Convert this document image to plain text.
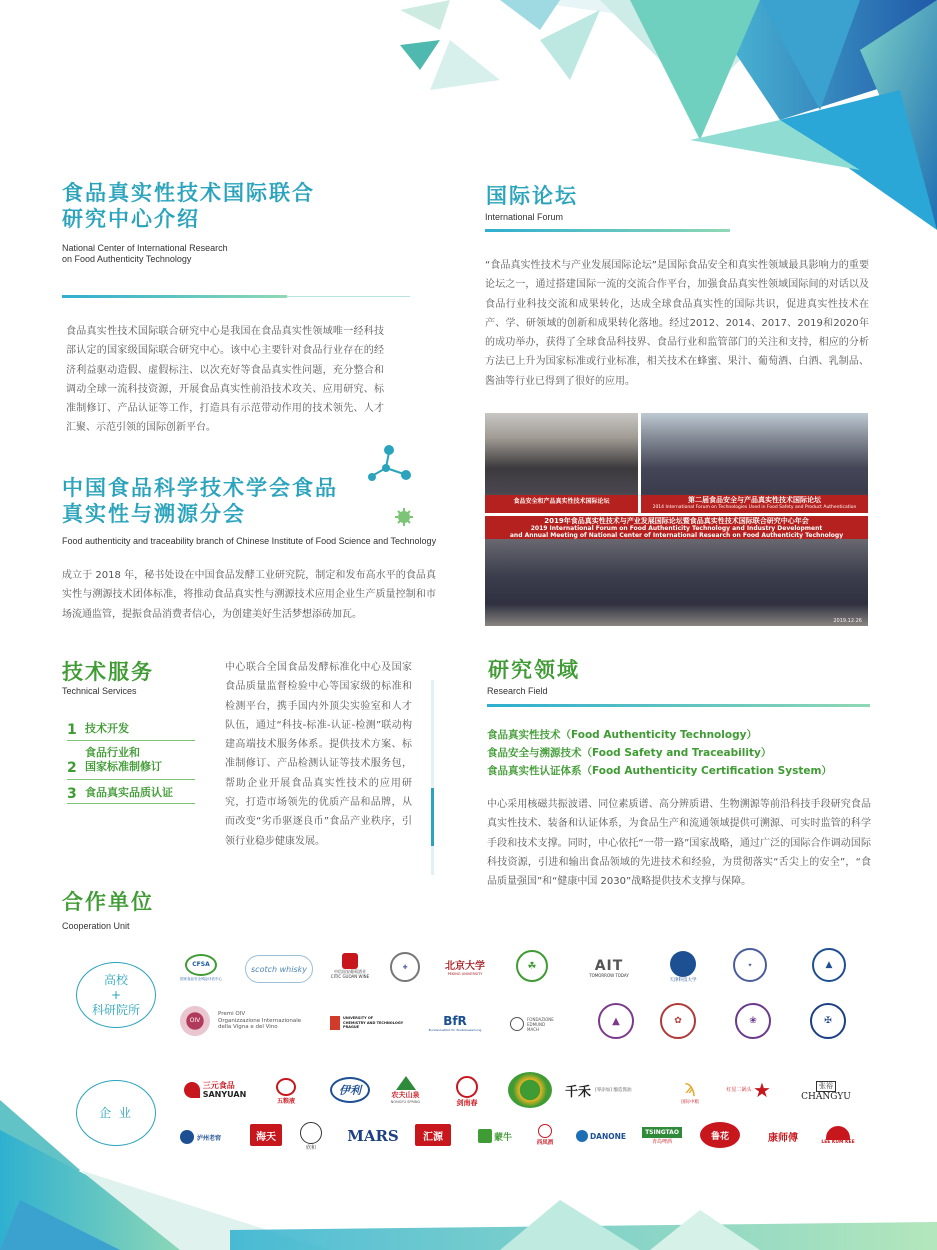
食品真实性技术国际联合
研究中心介绍
National Center of International Research
on Food Authenticity Technology
食品真实性技术国际联合研究中心是我国在食品真实性领域唯一经科技部认定的国家级国际联合研究中心。该中心主要针对食品行业存在的经济利益驱动造假、虚假标注、以次充好等食品真实性问题，充分整合和调动全球一流科技资源，开展食品真实性前沿技术攻关、应用研究、标准制修订、产品认证等工作，打造具有示范带动作用的技术领先、人才汇聚、示范引领的国际创新平台。
中国食品科学技术学会食品
真实性与溯源分会
Food authenticity and traceability branch of Chinese Institute of Food Science and Technology
成立于 2018 年，秘书处设在中国食品发酵工业研究院，制定和发布高水平的食品真实性与溯源技术团体标准，将推动食品真实性与溯源技术应用企业生产质量控制和市场流通监管，提振食品消费者信心，为创建美好生活梦想添砖加瓦。
技术服务
Technical Services
1 技术开发
2
食品行业和
国家标准制修订
3 食品真实品质认证
中心联合全国食品发酵标准化中心及国家食品质量监督检验中心等国家级的标准和检测平台，携手国内外顶尖实验室和人才队伍，通过“科技-标准-认证-检测”联动构建高端技术服务体系。提供技术方案、标准制修订、产品检测认证等技术服务包，帮助企业开展食品真实性技术的应用研究，打造市场领先的优质产品和品牌，从而改变“劣币驱逐良币”食品产业秩序，引领行业稳步健康发展。
国际论坛
International Forum
“食品真实性技术与产业发展国际论坛”是国际食品安全和真实性领域最具影响力的重要论坛之一，通过搭建国际一流的交流合作平台，加强食品真实性领域国际间的对话以及食品行业科技交流和成果转化，达成全球食品真实性的国际共识，促进真实性技术在产、学、研领域的创新和成果转化落地。经过2012、2014、2017、2019和2020年的成功举办，获得了全球食品科技界、食品行业和监管部门的关注和支持，相应的分析方法已上升为国家标准或行业标准，相关技术在蜂蜜、果汁、葡萄酒、白酒、乳制品、酱油等行业已得到了很好的应用。
食品安全和产品真实性技术国际论坛	第二届食品安全与产品真实性技术国际论坛
2014 International Forum on Technologies Used in Food Safety and Product Authentication
2019年食品真实性技术与产业发展国际论坛暨食品真实性技术国际联合研究中心年会
2019 International Forum on Food Authenticity Technology and Industry Development
and Annual Meeting of National Center of International Research on Food Authenticity Technology
2019.12.26
研究领域
Research Field
食品真实性技术（Food Authenticity Technology）
食品安全与溯源技术（Food Safety and Traceability）
食品真实性认证体系（Food Authenticity Certification System）
中心采用核磁共振波谱、同位素质谱、高分辨质谱、生物溯源等前沿科技手段研究食品真实性技术、装备和认证体系，为食品生产和流通领域提供可溯源、可实时监管的科学手段和技术支撑。同时，中心依托“一带一路”国家战略，通过广泛的国际合作调动国际科技资源，引进和输出食品领域的先进技术和经验，为贯彻落实“舌尖上的安全”，“食品质量强国”和“健康中国 2030”战略提供技术支撑与保障。
合作单位
Cooperation Unit
高校
+
科研院所
企 业
CFSA
国家食品安全风险评估中心
scotch whisky	中信国安葡萄酒业
CITIC GUOAN WINE
✚	北京大学
PEKING UNIVERSITY
☘	AIT
TOMORROW TODAY
天津科技大学
✦	▲
OIV
Premi OIV
Organizzazione Internazionale
della Vigna e del Vino
UNIVERSITY OF
CHEMISTRY AND TECHNOLOGY
PRAGUE	BfR
Bundesinstitut für Risikobewertung
FONDAZIONE
EDMUND
MACH
▲	✿	❀	✠
三元食品
SANYUAN
五粮液
伊利	农夫山泉
NONGFU SPRING	剑南春
千禾 [零添加] 酿造酱油	ϡ
国际中粮
红星二锅头 ★	张裕
CHANGYU
泸州老窖	海天
欣和
MARS	汇源	蒙牛
西凤酒
DANONE	TSINGTAO
青岛啤酒
鲁花	康师傅	LEE KUM KEE
